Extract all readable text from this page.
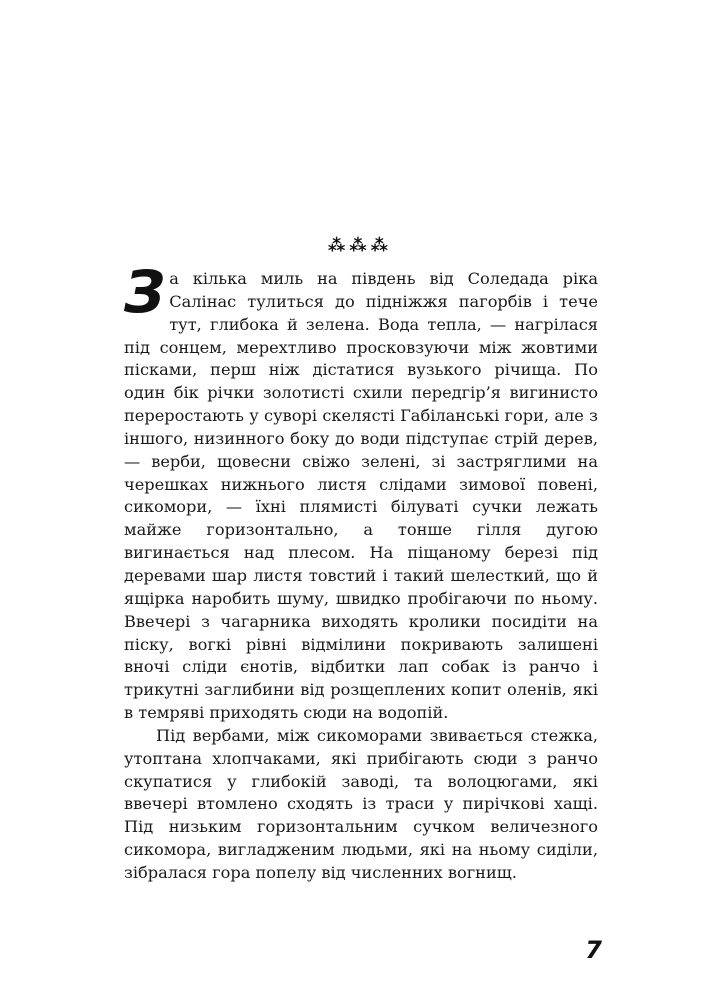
⁂⁂⁂

За кілька миль на південь від Соледада ріка Салінас тулиться до підніжжя пагорбів і тече тут, глибока й зелена. Вода тепла, — нагрілася під сонцем, мерехтливо просковзуючи між жовтими пісками, перш ніж дістатися вузького річища. По один бік річки золотисті схили передгір’я вигинисто переростають у суворі скелясті Габіланські гори, але з іншого, низинного боку до води підступає стрій дерев, — верби, щовесни свіжо зелені, зі застряглими на черешках нижнього листя слідами зимової повені, сикомори, — їхні плямисті білуваті сучки лежать майже горизонтально, а тонше гілля дугою вигинається над плесом. На піщаному березі під деревами шар листя товстий і такий шелесткий, що й ящірка наробить шуму, швидко пробігаючи по ньому. Ввечері з чагарника виходять кролики посидіти на піску, вогкі рівні відмілини покривають залишені вночі сліди єнотів, відбитки лап собак із ранчо і трикутні заглибини від розщеплених копит оленів, які в темряві приходять сюди на водопій.

Під вербами, між сикоморами звивається стежка, утоптана хлопчаками, які прибігають сюди з ранчо скупатися у глибокій заводі, та волоцюгами, які ввечері втомлено сходять із траси у пирічкові хащі. Під низьким горизонтальним сучком величезного сикомора, вигладженим людьми, які на ньому сиділи, зібралася гора попелу від численних вогнищ.

7
